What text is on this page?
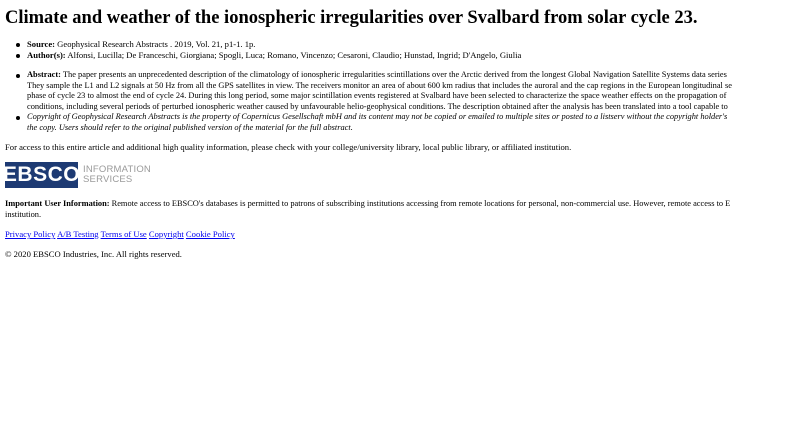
Climate and weather of the ionospheric irregularities over Svalbard from solar cycle 23.
Source: Geophysical Research Abstracts . 2019, Vol. 21, p1-1. 1p.
Author(s): Alfonsi, Lucilla; De Franceschi, Giorgiana; Spogli, Luca; Romano, Vincenzo; Cesaroni, Claudio; Hunstad, Ingrid; D'Angelo, Giulia
Abstract: The paper presents an unprecedented description of the climatology of ionospheric irregularities scintillations over the Arctic derived from the longest Global Navigation Satellite Systems data series
They sample the L1 and L2 signals at 50 Hz from all the GPS satellites in view. The receivers monitor an area of about 600 km radius that includes the auroral and the cap regions in the European longitudinal se
phase of cycle 23 to almost the end of cycle 24. During this long period, some major scintillation events registered at Svalbard have been selected to characterize the space weather effects on the propagation of
conditions, including several periods of perturbed ionospheric weather caused by unfavourable helio-geophysical conditions. The description obtained after the analysis has been translated into a tool capable to
Copyright of Geophysical Research Abstracts is the property of Copernicus Gesellschaft mbH and its content may not be copied or emailed to multiple sites or posted to a listserv without the copyright holder's
the copy. Users should refer to the original published version of the material for the full abstract.
For access to this entire article and additional high quality information, please check with your college/university library, local public library, or affiliated institution.
EBSCO INFORMATION
SERVICES
Important User Information: Remote access to EBSCO's databases is permitted to patrons of subscribing institutions accessing from remote locations for personal, non-commercial use. However, remote access to E
institution.
Privacy Policy A/B Testing Terms of Use Copyright Cookie Policy
© 2020 EBSCO Industries, Inc. All rights reserved.
